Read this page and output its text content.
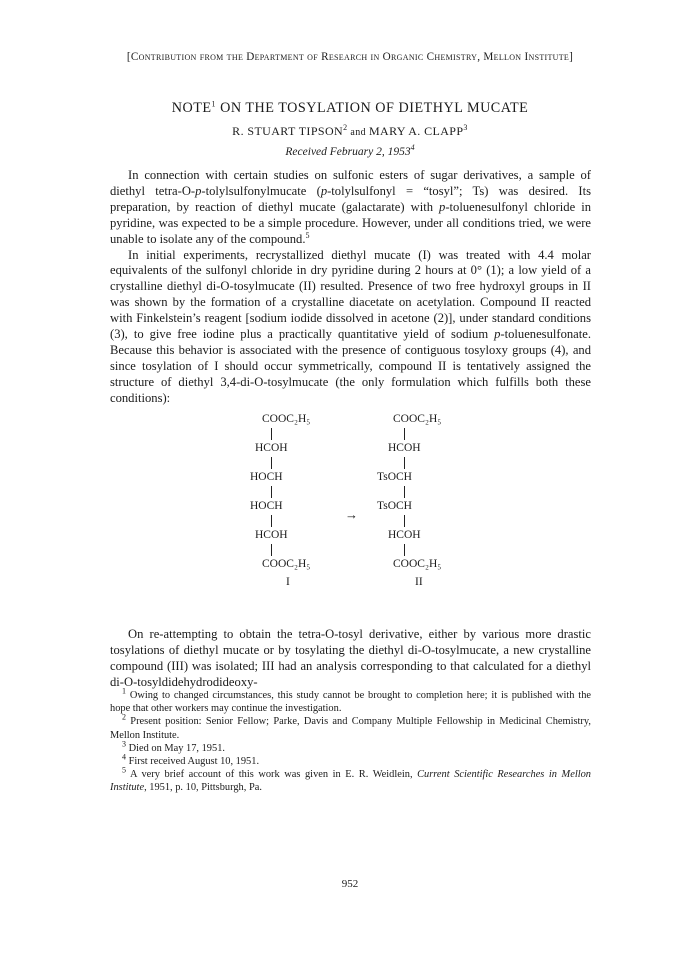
[Contribution from the Department of Research in Organic Chemistry, Mellon Institute]
NOTE$^1$ ON THE TOSYLATION OF DIETHYL MUCATE
R. STUART TIPSON$^2$ and MARY A. CLAPP$^3$
Received February 2, 1953$^4$

In connection with certain studies on sulfonic esters of sugar derivatives, a sample of diethyl tetra-O-p-tolylsulfonylmucate (p-tolylsulfonyl = “tosyl”; Ts) was desired. Its preparation, by reaction of diethyl mucate (galactarate) with p-toluenesulfonyl chloride in pyridine, was expected to be a simple procedure. However, under all conditions tried, we were unable to isolate any of the compound.$^5$

In initial experiments, recrystallized diethyl mucate (I) was treated with 4.4 molar equivalents of the sulfonyl chloride in dry pyridine during 2 hours at 0° (1); a low yield of a crystalline diethyl di-O-tosylmucate (II) resulted. Presence of two free hydroxyl groups in II was shown by the formation of a crystalline diacetate on acetylation. Compound II reacted with Finkelstein’s reagent [sodium iodide dissolved in acetone (2)], under standard conditions (3), to give free iodine plus a practically quantitative yield of sodium p-toluenesulfonate. Because this behavior is associated with the presence of contiguous tosyloxy groups (4), and since tosylation of I should occur symmetrically, compound II is tentatively assigned the structure of diethyl 3,4-di-O-tosylmucate (the only formulation which fulfills both these conditions):

COOC₂H₅
HCOH
HOCH
HOCH
HCOH
COOC₂H₅
I
→
COOC₂H₅
HCOH
TsOCH
TsOCH
HCOH
COOC₂H₅
II

On re-attempting to obtain the tetra-O-tosyl derivative, either by various more drastic tosylations of diethyl mucate or by tosylating the diethyl di-O-tosylmucate, a new crystalline compound (III) was isolated; III had an analysis corresponding to that calculated for a diethyl di-O-tosyldidehydrodideoxy-

$^1$ Owing to changed circumstances, this study cannot be brought to completion here; it is published with the hope that other workers may continue the investigation.

$^2$ Present position: Senior Fellow; Parke, Davis and Company Multiple Fellowship in Medicinal Chemistry, Mellon Institute.

$^3$ Died on May 17, 1951.

$^4$ First received August 10, 1951.

$^5$ A very brief account of this work was given in E. R. Weidlein, Current Scientific Researches in Mellon Institute, 1951, p. 10, Pittsburgh, Pa.

952
